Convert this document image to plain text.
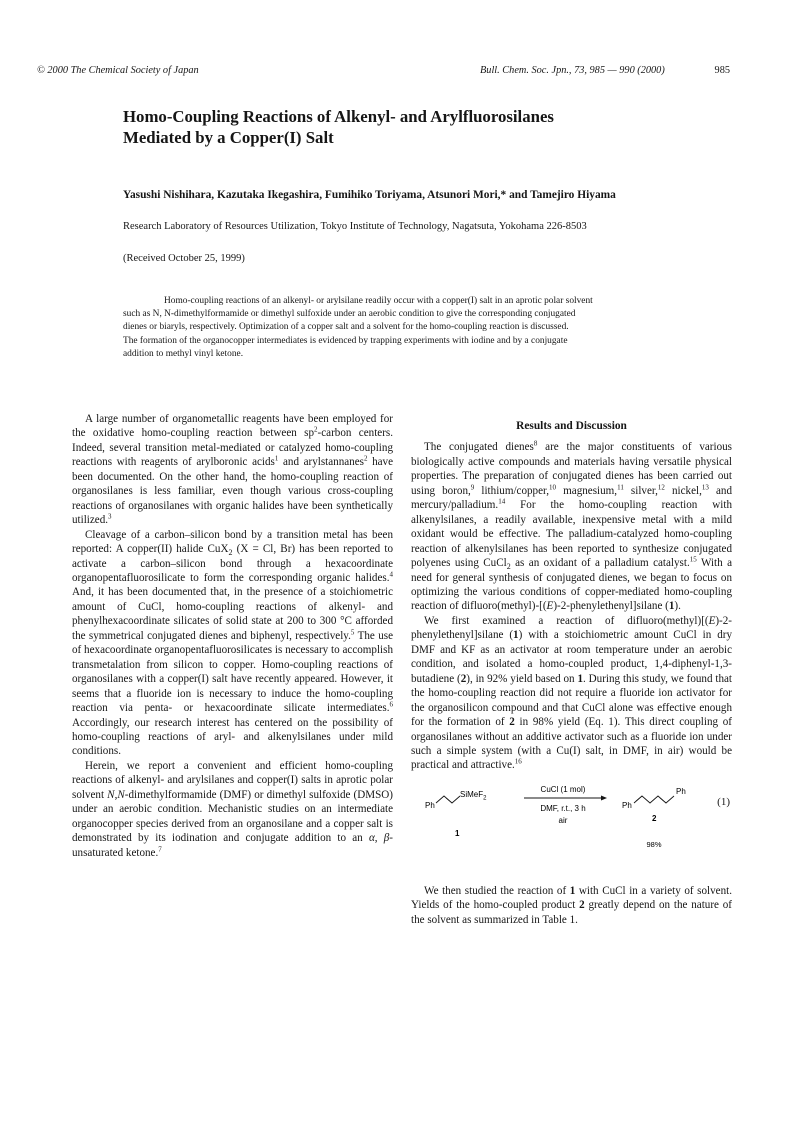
© 2000 The Chemical Society of Japan	Bull. Chem. Soc. Jpn., 73, 985 — 990 (2000)	985
Homo-Coupling Reactions of Alkenyl- and Arylfluorosilanes
Mediated by a Copper(I) Salt
Yasushi Nishihara, Kazutaka Ikegashira, Fumihiko Toriyama, Atsunori Mori,* and Tamejiro Hiyama
Research Laboratory of Resources Utilization, Tokyo Institute of Technology, Nagatsuta, Yokohama 226-8503
(Received October 25, 1999)
Homo-coupling reactions of an alkenyl- or arylsilane readily occur with a copper(I) salt in an aprotic polar solvent
such as N, N-dimethylformamide or dimethyl sulfoxide under an aerobic condition to give the corresponding conjugated
dienes or biaryls, respectively. Optimization of a copper salt and a solvent for the homo-coupling reaction is discussed.
The formation of the organocopper intermediates is evidenced by trapping experiments with iodine and by a conjugate
addition to methyl vinyl ketone.

A large number of organometallic reagents have been employed for the oxidative homo-coupling reaction between $sp^2$-carbon centers. Indeed, several transition metal-mediated or catalyzed homo-coupling reactions with reagents of arylboronic acids$^1$ and arylstannanes$^2$ have been documented. On the other hand, the homo-coupling reaction of organosilanes is less familiar, even though various cross-coupling reactions of organosilanes with organic halides have been synthetically utilized.$^3$

Cleavage of a carbon–silicon bond by a transition metal has been reported: A copper(II) halide CuX$_2$ (X = Cl, Br) has been reported to activate a carbon–silicon bond through a hexacoordinate organopentafluorosilicate to form the corresponding organic halides.$^4$ And, it has been documented that, in the presence of a stoichiometric amount of CuCl, homo-coupling reactions of alkenyl- and phenylhexacoordinate silicates of solid state at 200 to 300 °C afforded the symmetrical conjugated dienes and biphenyl, respectively.$^5$ The use of hexacoordinate organopentafluorosilicates is necessary to accomplish transmetalation from silicon to copper. Homo-coupling reactions of organosilanes with a copper(I) salt have recently appeared. However, it seems that a fluoride ion is necessary to induce the homo-coupling reaction via penta- or hexacoordinate silicate intermediates.$^6$ Accordingly, our research interest has centered on the possibility of homo-coupling reactions of aryl- and alkenylsilanes under mild conditions.

Herein, we report a convenient and efficient homo-coupling reactions of alkenyl- and arylsilanes and copper(I) salts in aprotic polar solvent N,N-dimethylformamide (DMF) or dimethyl sulfoxide (DMSO) under an aerobic condition. Mechanistic studies on an intermediate organocopper species derived from an organosilane and a copper salt is demonstrated by its iodination and conjugate addition to an α, β-unsaturated ketone.$^7$

Results and Discussion

The conjugated dienes$^8$ are the major constituents of various biologically active compounds and materials having versatile physical properties. The preparation of conjugated dienes has been carried out using boron,$^9$ lithium/copper,$^{10}$ magnesium,$^{11}$ silver,$^{12}$ nickel,$^{13}$ and mercury/palladium.$^{14}$ For the homo-coupling reaction with alkenylsilanes, a readily available, inexpensive metal with a mild oxidant would be effective. The palladium-catalyzed homo-coupling reaction of alkenylsilanes has been reported to synthesize conjugated polyenes using CuCl$_2$ as an oxidant of a palladium catalyst.$^{15}$ With a need for general synthesis of conjugated dienes, we began to focus on optimizing the various conditions of copper-mediated homo-coupling reaction of difluoro(methyl)-[(E)-2-phenylethenyl]silane (1).

We first examined a reaction of difluoro(methyl)[(E)-2-phenylethenyl]silane (1) with a stoichiometric amount CuCl in dry DMF and KF as an activator at room temperature under an aerobic condition, and isolated a homo-coupled product, 1,4-diphenyl-1,3-butadiene (2), in 92% yield based on 1. During this study, we found that the homo-coupling reaction did not require a fluoride ion activator for the organosilicon compound and that CuCl alone was effective enough for the formation of 2 in 98% yield (Eq. 1). This direct coupling of organosilanes without an additive activator such as a fluoride ion under such a simple system (with a Cu(I) salt, in DMF, in air) would be practical and attractive.$^{16}$

Ph
SiMeF$_2$
1
CuCl (1 mol)
DMF, r.t., 3 h
air
Ph
Ph
2
98%
(1)

We then studied the reaction of 1 with CuCl in a variety of solvent. Yields of the homo-coupled product 2 greatly depend on the nature of the solvent as summarized in Table 1.
